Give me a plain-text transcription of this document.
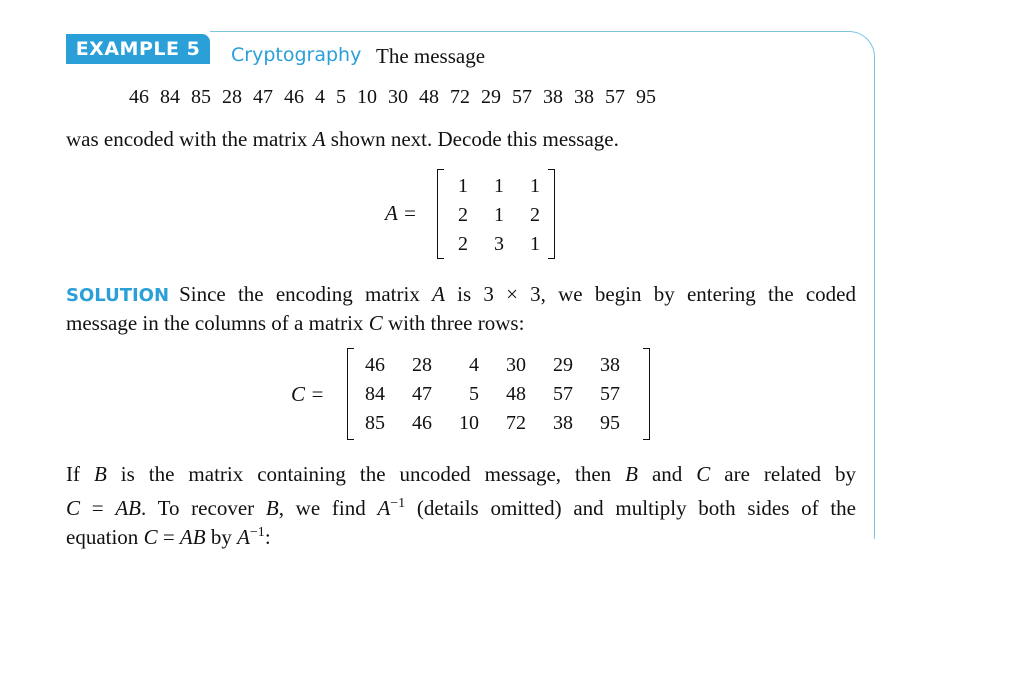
EXAMPLE 5	Cryptography The message
46 84 85 28 47 46 4 5 10 30 48 72 29 57 38 38 57 95
was encoded with the matrix A shown next. Decode this message.
A =
1	1	1
2	1	2
2	3	1
SOLUTION Since the encoding matrix A is 3 × 3, we begin by entering the coded
message in the columns of a matrix C with three rows:
C =
46	28	4	30	29	38
84	47	5	48	57	57
85	46	10	72	38	95
If B is the matrix containing the uncoded message, then B and C are related by
C = AB. To recover B, we find $A^{-1}$ (details omitted) and multiply both sides of the
equation C = AB by $A^{-1}$:
